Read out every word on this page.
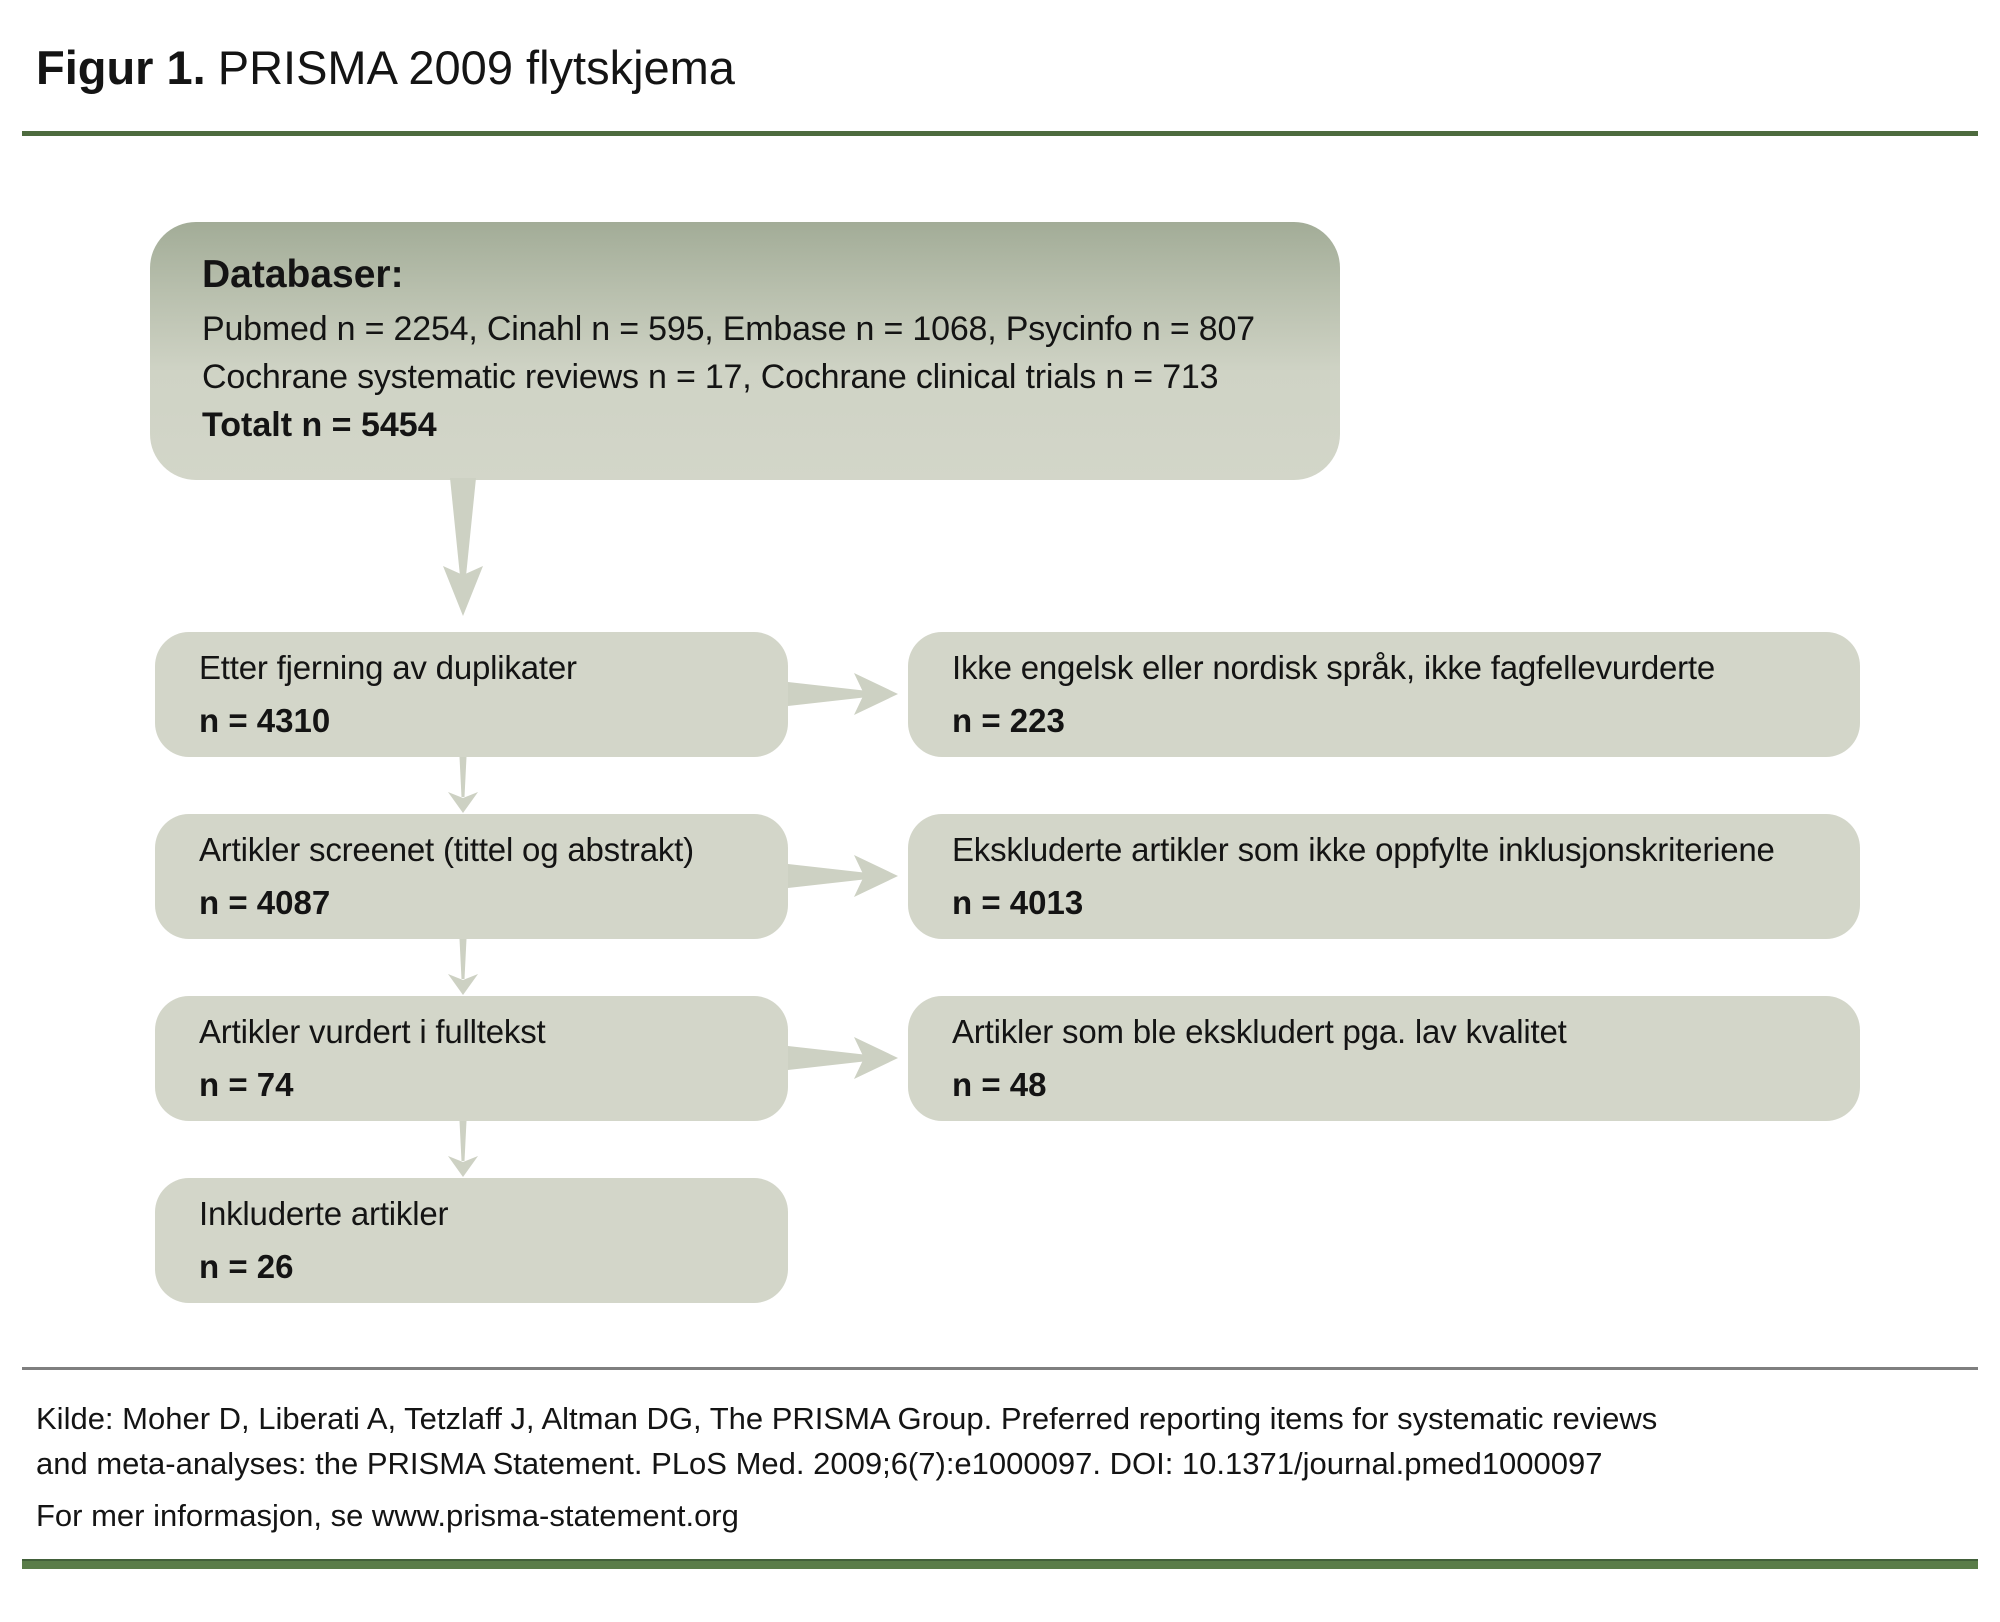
Figur 1. PRISMA 2009 flytskjema
Databaser:
Pubmed n = 2254, Cinahl n = 595, Embase n = 1068, Psycinfo n = 807
Cochrane systematic reviews n = 17, Cochrane clinical trials n = 713
Totalt n = 5454
Etter fjerning av duplikater
n = 4310
Ikke engelsk eller nordisk språk, ikke fagfellevurderte
n = 223
Artikler screenet (tittel og abstrakt)
n = 4087
Ekskluderte artikler som ikke oppfylte inklusjonskriteriene
n = 4013
Artikler vurdert i fulltekst
n = 74
Artikler som ble ekskludert pga. lav kvalitet
n = 48
Inkluderte artikler
n = 26
Kilde: Moher D, Liberati A, Tetzlaff J, Altman DG, The PRISMA Group. Preferred reporting items for systematic reviews
and meta-analyses: the PRISMA Statement. PLoS Med. 2009;6(7):e1000097. DOI: 10.1371/journal.pmed1000097
For mer informasjon, se www.prisma-statement.org
